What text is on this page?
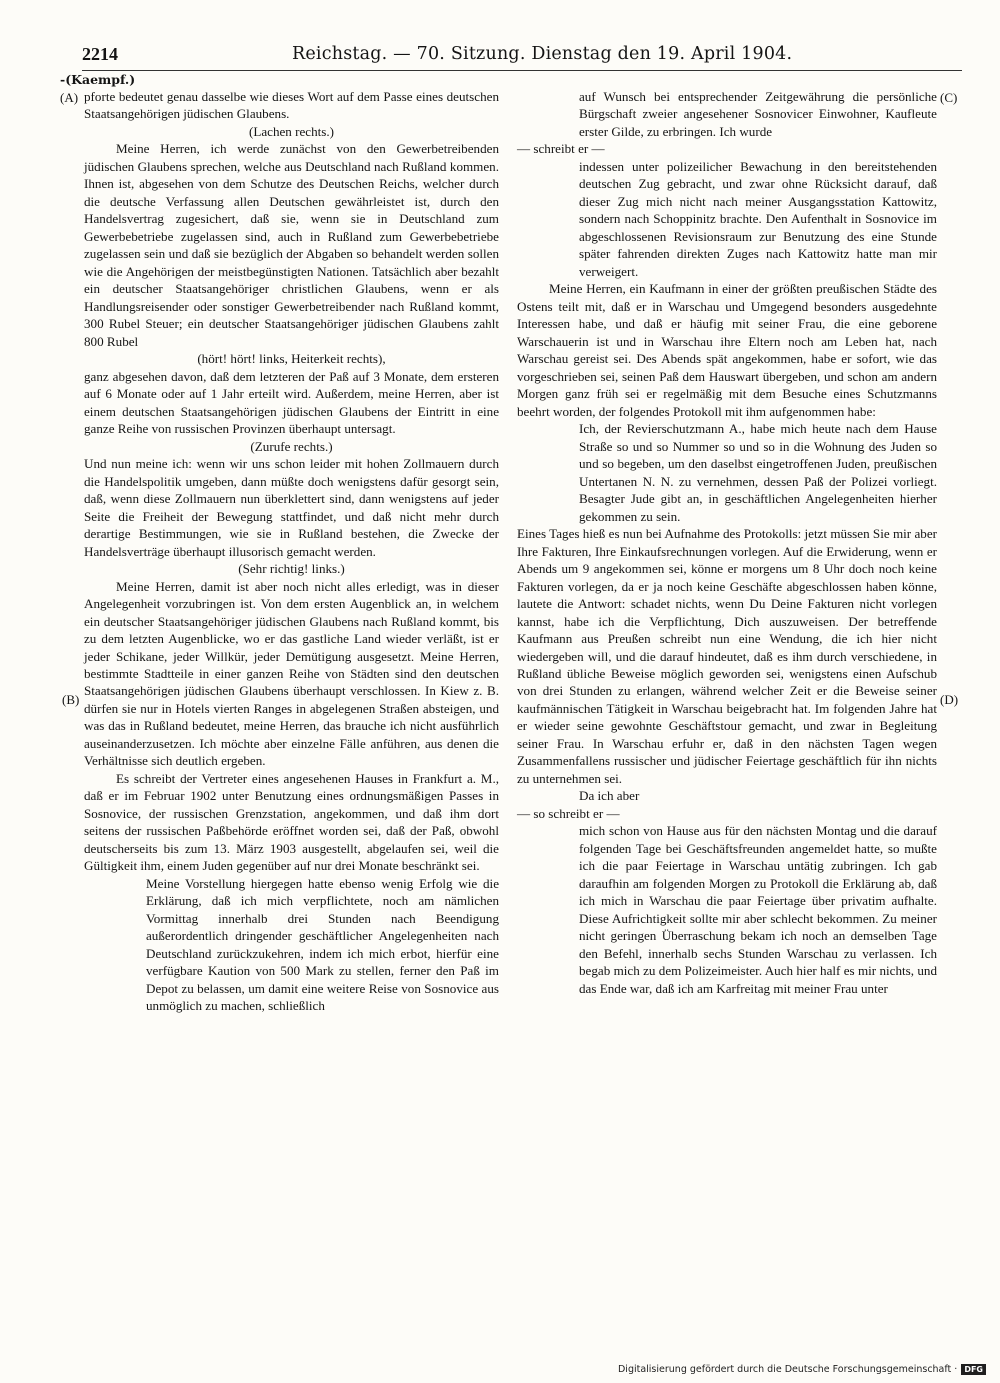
2214	Reichstag. — 70. Sitzung. Dienstag den 19. April 1904.
-(Kaempf.)
(A)
(B)
(C)
(D)

pforte bedeutet genau dasselbe wie dieses Wort auf dem Passe eines deutschen Staatsangehörigen jüdischen Glaubens.

(Lachen rechts.)

Meine Herren, ich werde zunächst von den Gewerbetreibenden jüdischen Glaubens sprechen, welche aus Deutschland nach Rußland kommen. Ihnen ist, abgesehen von dem Schutze des Deutschen Reichs, welcher durch die deutsche Verfassung allen Deutschen gewährleistet ist, durch den Handelsvertrag zugesichert, daß sie, wenn sie in Deutschland zum Gewerbebetriebe zugelassen sind, auch in Rußland zum Gewerbebetriebe zugelassen sein und daß sie bezüglich der Abgaben so behandelt werden sollen wie die Angehörigen der meistbegünstigten Nationen. Tatsächlich aber bezahlt ein deutscher Staatsangehöriger christlichen Glaubens, wenn er als Handlungsreisender oder sonstiger Gewerbetreibender nach Rußland kommt, 300 Rubel Steuer; ein deutscher Staatsangehöriger jüdischen Glaubens zahlt 800 Rubel

(hört! hört! links, Heiterkeit rechts),

ganz abgesehen davon, daß dem letzteren der Paß auf 3 Monate, dem ersteren auf 6 Monate oder auf 1 Jahr erteilt wird. Außerdem, meine Herren, aber ist einem deutschen Staatsangehörigen jüdischen Glaubens der Eintritt in eine ganze Reihe von russischen Provinzen überhaupt untersagt.

(Zurufe rechts.)

Und nun meine ich: wenn wir uns schon leider mit hohen Zollmauern durch die Handelspolitik umgeben, dann müßte doch wenigstens dafür gesorgt sein, daß, wenn diese Zollmauern nun überklettert sind, dann wenigstens auf jeder Seite die Freiheit der Bewegung stattfindet, und daß nicht mehr durch derartige Bestimmungen, wie sie in Rußland bestehen, die Zwecke der Handelsverträge überhaupt illusorisch gemacht werden.

(Sehr richtig! links.)

Meine Herren, damit ist aber noch nicht alles erledigt, was in dieser Angelegenheit vorzubringen ist. Von dem ersten Augenblick an, in welchem ein deutscher Staatsangehöriger jüdischen Glaubens nach Rußland kommt, bis zu dem letzten Augenblicke, wo er das gastliche Land wieder verläßt, ist er jeder Schikane, jeder Willkür, jeder Demütigung ausgesetzt. Meine Herren, bestimmte Stadtteile in einer ganzen Reihe von Städten sind den deutschen Staatsangehörigen jüdischen Glaubens überhaupt verschlossen. In Kiew z. B. dürfen sie nur in Hotels vierten Ranges in abgelegenen Straßen absteigen, und was das in Rußland bedeutet, meine Herren, das brauche ich nicht ausführlich auseinanderzusetzen. Ich möchte aber einzelne Fälle anführen, aus denen die Verhältnisse sich deutlich ergeben.

Es schreibt der Vertreter eines angesehenen Hauses in Frankfurt a. M., daß er im Februar 1902 unter Benutzung eines ordnungsmäßigen Passes in Sosnovice, der russischen Grenzstation, angekommen, und daß ihm dort seitens der russischen Paßbehörde eröffnet worden sei, daß der Paß, obwohl deutscherseits bis zum 13. März 1903 ausgestellt, abgelaufen sei, weil die Gültigkeit ihm, einem Juden gegenüber auf nur drei Monate beschränkt sei.

Meine Vorstellung hiergegen hatte ebenso wenig Erfolg wie die Erklärung, daß ich mich verpflichtete, noch am nämlichen Vormittag innerhalb drei Stunden nach Beendigung außerordentlich dringender geschäftlicher Angelegenheiten nach Deutschland zurückzukehren, indem ich mich erbot, hierfür eine verfügbare Kaution von 500 Mark zu stellen, ferner den Paß im Depot zu belassen, um damit eine weitere Reise von Sosnovice aus unmöglich zu machen, schließlich

auf Wunsch bei entsprechender Zeitgewährung die persönliche Bürgschaft zweier angesehener Sosnovicer Einwohner, Kaufleute erster Gilde, zu erbringen. Ich wurde

— schreibt er —

indessen unter polizeilicher Bewachung in den bereitstehenden deutschen Zug gebracht, und zwar ohne Rücksicht darauf, daß dieser Zug mich nicht nach meiner Ausgangsstation Kattowitz, sondern nach Schoppinitz brachte. Den Aufenthalt in Sosnovice im abgeschlossenen Revisionsraum zur Benutzung des eine Stunde später fahrenden direkten Zuges nach Kattowitz hatte man mir verweigert.

Meine Herren, ein Kaufmann in einer der größten preußischen Städte des Ostens teilt mit, daß er in Warschau und Umgegend besonders ausgedehnte Interessen habe, und daß er häufig mit seiner Frau, die eine geborene Warschauerin ist und in Warschau ihre Eltern noch am Leben hat, nach Warschau gereist sei. Des Abends spät angekommen, habe er sofort, wie das vorgeschrieben sei, seinen Paß dem Hauswart übergeben, und schon am andern Morgen ganz früh sei er regelmäßig mit dem Besuche eines Schutzmanns beehrt worden, der folgendes Protokoll mit ihm aufgenommen habe:

Ich, der Revierschutzmann A., habe mich heute nach dem Hause Straße so und so Nummer so und so in die Wohnung des Juden so und so begeben, um den daselbst eingetroffenen Juden, preußischen Untertanen N. N. zu vernehmen, dessen Paß der Polizei vorliegt. Besagter Jude gibt an, in geschäftlichen Angelegenheiten hierher gekommen zu sein.

Eines Tages hieß es nun bei Aufnahme des Protokolls: jetzt müssen Sie mir aber Ihre Fakturen, Ihre Einkaufsrechnungen vorlegen. Auf die Erwiderung, wenn er Abends um 9 angekommen sei, könne er morgens um 8 Uhr doch noch keine Fakturen vorlegen, da er ja noch keine Geschäfte abgeschlossen haben könne, lautete die Antwort: schadet nichts, wenn Du Deine Fakturen nicht vorlegen kannst, habe ich die Verpflichtung, Dich auszuweisen. Der betreffende Kaufmann aus Preußen schreibt nun eine Wendung, die ich hier nicht wiedergeben will, und die darauf hindeutet, daß es ihm durch verschiedene, in Rußland übliche Beweise möglich geworden sei, wenigstens einen Aufschub von drei Stunden zu erlangen, während welcher Zeit er die Beweise seiner kaufmännischen Tätigkeit in Warschau beigebracht hat. Im folgenden Jahre hat er wieder seine gewohnte Geschäftstour gemacht, und zwar in Begleitung seiner Frau. In Warschau erfuhr er, daß in den nächsten Tagen wegen Zusammenfallens russischer und jüdischer Feiertage geschäftlich für ihn nichts zu unternehmen sei.

Da ich aber

— so schreibt er —

mich schon von Hause aus für den nächsten Montag und die darauf folgenden Tage bei Geschäftsfreunden angemeldet hatte, so mußte ich die paar Feiertage in Warschau untätig zubringen. Ich gab daraufhin am folgenden Morgen zu Protokoll die Erklärung ab, daß ich mich in Warschau die paar Feiertage über privatim aufhalte. Diese Aufrichtigkeit sollte mir aber schlecht bekommen. Zu meiner nicht geringen Überraschung bekam ich noch an demselben Tage den Befehl, innerhalb sechs Stunden Warschau zu verlassen. Ich begab mich zu dem Polizeimeister. Auch hier half es mir nichts, und das Ende war, daß ich am Karfreitag mit meiner Frau unter

Digitalisierung gefördert durch die Deutsche Forschungsgemeinschaft · DFG
